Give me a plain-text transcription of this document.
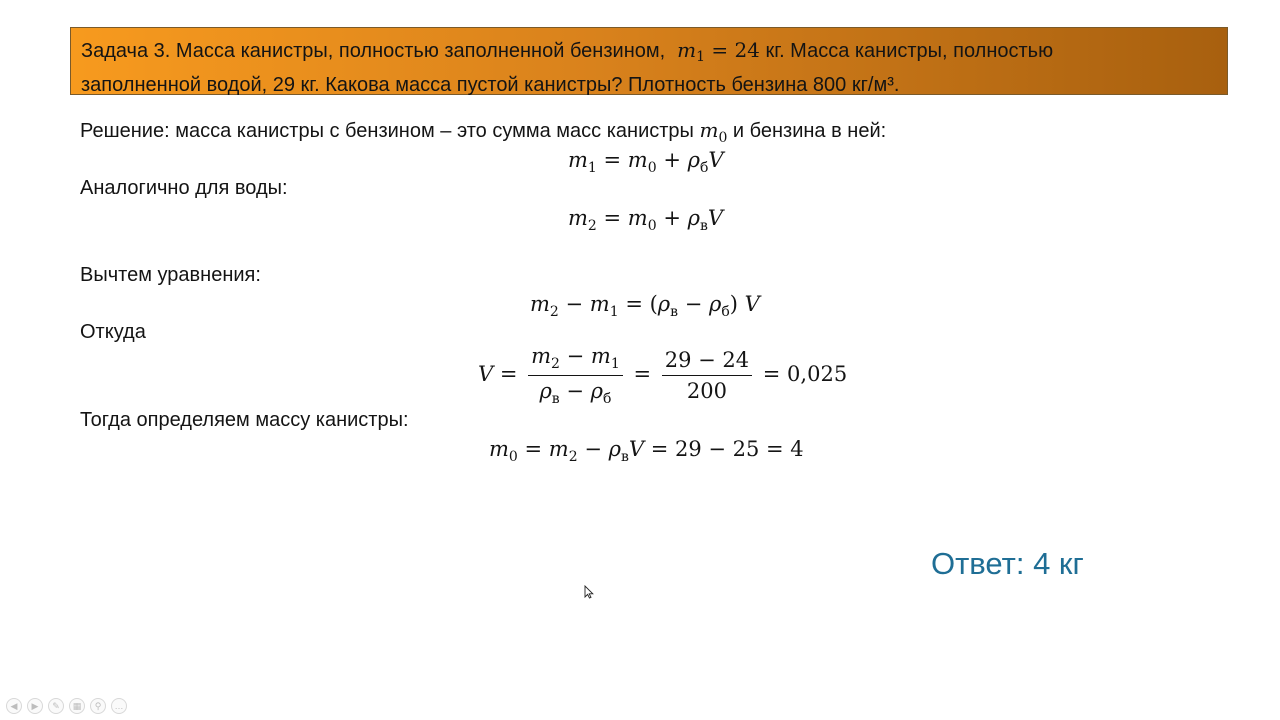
Задача 3. Масса канистры, полностью заполненной бензином, $m_1 = 24$ кг. Масса канистры, полностью
заполненной водой, 29 кг. Какова масса пустой канистры? Плотность бензина 800 кг/м³.
Решение: масса канистры с бензином – это сумма масс канистры $m_0$ и бензина в ней:
$m_1 = m_0 + \rho_бV$
Аналогично для воды:
$m_2 = m_0 + \rho_вV$
Вычтем уравнения:
$m_2 - m_1 = (\rho_в - \rho_б)$ V
Откуда
$V = \frac{m_2 - m_1}{\rho_в - \rho_б} = \frac{29 - 24}{200} = 0,025$
Тогда определяем массу канистры:
$m_0 = m_2 - \rho_вV = 29 - 25 = 4$
Ответ: 4 кг
◀	▶	✎	▦	⚲	…
